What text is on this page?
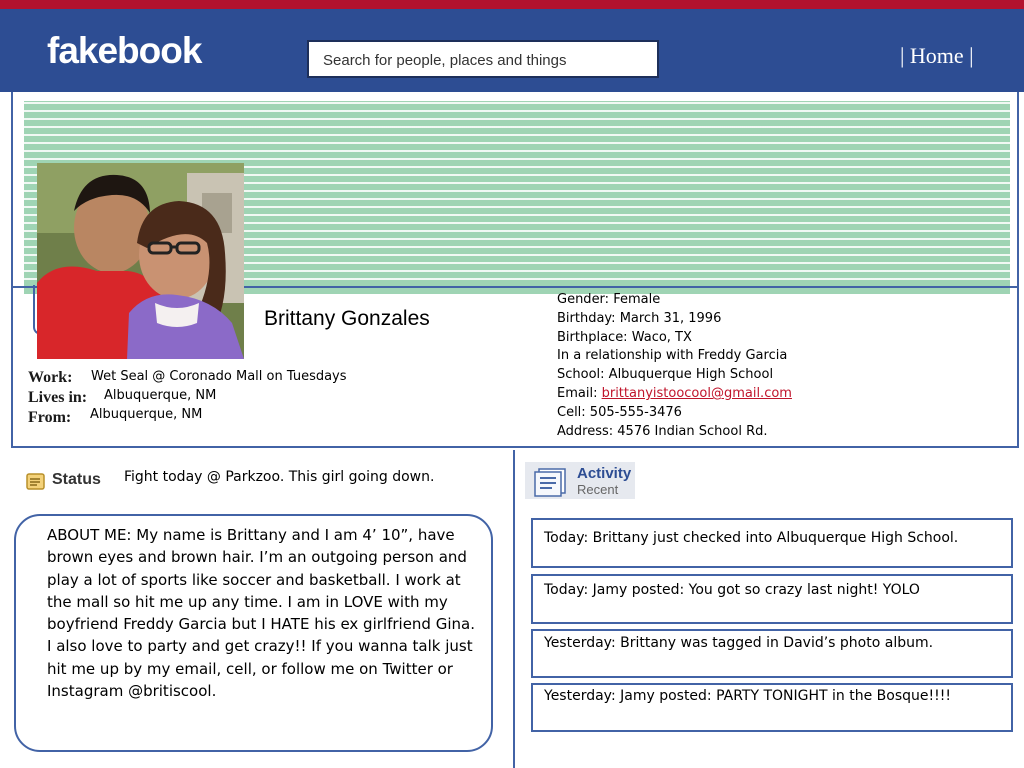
fakebook	Search for people, places and things	| Home |
Brittany Gonzales
Gender: Female
Birthday: March 31, 1996
Birthplace: Waco, TX
In a relationship with Freddy Garcia
School: Albuquerque High School
Email: brittanyistoocool@gmail.com
Cell: 505-555-3476
Address: 4576 Indian School Rd.
Work: Wet Seal @ Coronado Mall on Tuesdays
Lives in: Albuquerque, NM
From: Albuquerque, NM
Status Fight today @ Parkzoo. This girl going down.
ABOUT ME: My name is Brittany and I am 4’ 10”, have brown eyes and brown hair. I’m an outgoing person and play a lot of sports like soccer and basketball. I work at the mall so hit me up any time. I am in LOVE with my boyfriend Freddy Garcia but I HATE his ex girlfriend Gina. I also love to party and get crazy!! If you wanna talk just hit me up by my email, cell, or follow me on Twitter or Instagram @britiscool.
Activity
Recent
Today: Brittany just checked into Albuquerque High School.
Today: Jamy posted: You got so crazy last night! YOLO
Yesterday: Brittany was tagged in David’s photo album.
Yesterday: Jamy posted: PARTY TONIGHT in the Bosque!!!!
